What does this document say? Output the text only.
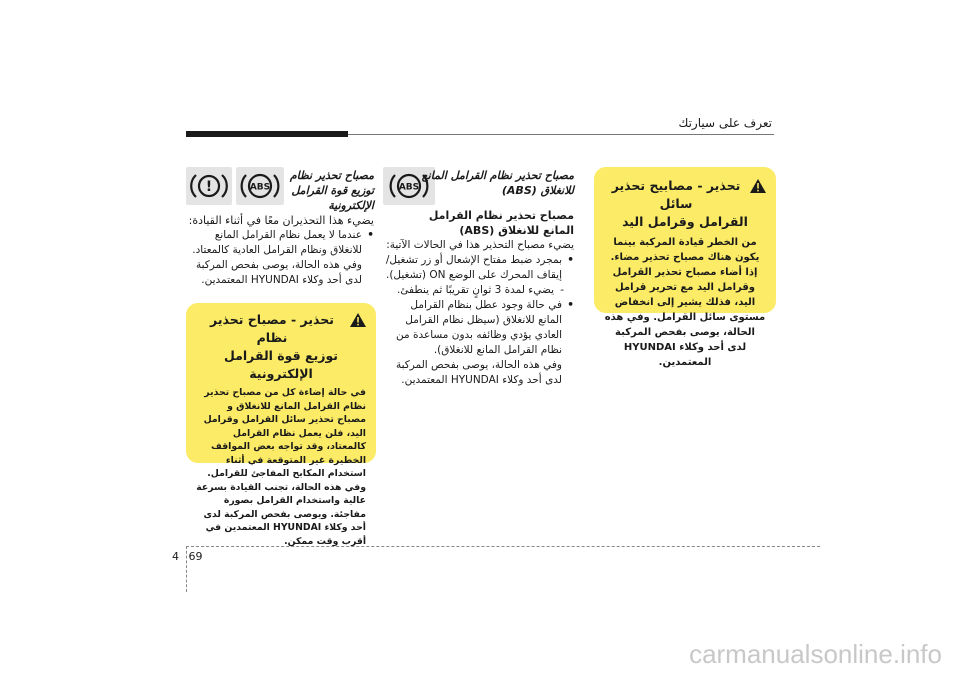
تعرف على سيارتك
تحذير - مصابيح تحذير سائل
القرامل وقرامل اليد
من الخطر قيادة المركبة بينما يكون هناك مصباح تحذير مضاء. إذا أضاء مصباح تحذير القرامل وقرامل اليد مع تحرير قرامل اليد، فذلك يشير إلى انخفاض مستوى سائل القرامل. وفي هذه الحالة، يوصى بفحص المركبة لدى أحد وكلاء HYUNDAI المعتمدين.
ABS

مصباح تحذير نظام القرامل المانع

للانغلاق (ABS)

مصباح تحذير نظام القرامل

المانع للانغلاق (ABS)

يضيء مصباح التحذير هذا في الحالات الآتية:

• بمجرد ضبط مفتاح الإشعال أو زر تشغيل/ إيقاف المحرك على الوضع ON (تشغيل).
- يضيء لمدة 3 ثوانٍ تقريبًا ثم ينطفئ.
• في حالة وجود عطل بنظام القرامل المانع للانغلاق (سيظل نظام القرامل العادي يؤدي وظائفه بدون مساعدة من نظام القرامل المانع للانغلاق).

وفي هذه الحالة، يوصى بفحص المركبة لدى أحد وكلاء HYUNDAI المعتمدين.

!	ABS

مصباح تحذير نظام

توزيع قوة القرامل

الإلكترونية

يضيء هذا التحذيران معًا في أثناء القيادة:

• عندما لا يعمل نظام القرامل المانع للانغلاق ونظام القرامل العادية كالمعتاد.

وفي هذه الحالة، يوصى بفحص المركبة لدى أحد وكلاء HYUNDAI المعتمدين.

تحذير - مصباح تحذير نظام
توزيع قوة القرامل الإلكترونية
في حالة إضاءة كل من مصباح تحذير نظام القرامل المانع للانغلاق و مصباح تحذير سائل القرامل وقرامل اليد، فلن يعمل نظام القرامل كالمعتاد، وقد تواجه بعض المواقف الخطيرة غير المتوقعة في أثناء استخدام المكابح المفاجئ للقرامل. وفي هذه الحالة، تجنب القيادة بسرعة عالية واستخدام القرامل بصورة مفاجئة. ويوصى بفحص المركبة لدى أحد وكلاء HYUNDAI المعتمدين في أقرب وقت ممكن.
4 69
carmanualsonline.info
